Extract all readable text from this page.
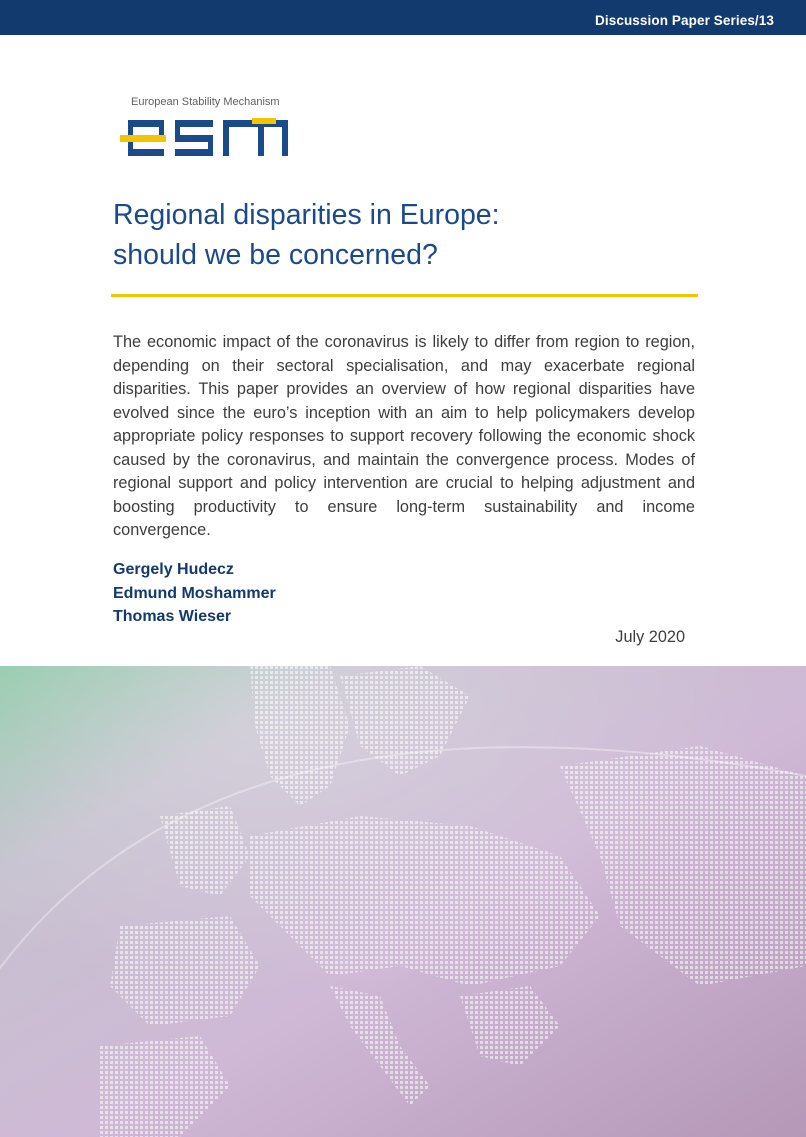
Discussion Paper Series/13
European Stability Mechanism
Regional disparities in Europe:
should we be concerned?

The economic impact of the coronavirus is likely to differ from region to region, depending on their sectoral specialisation, and may exacerbate regional disparities. This paper provides an overview of how regional disparities have evolved since the euro’s inception with an aim to help policymakers develop appropriate policy responses to support recovery following the economic shock caused by the coronavirus, and maintain the convergence process. Modes of regional support and policy intervention are crucial to helping adjustment and boosting productivity to ensure long-term sustainability and income convergence.

Gergely Hudecz
Edmund Moshammer
Thomas Wieser
July 2020
